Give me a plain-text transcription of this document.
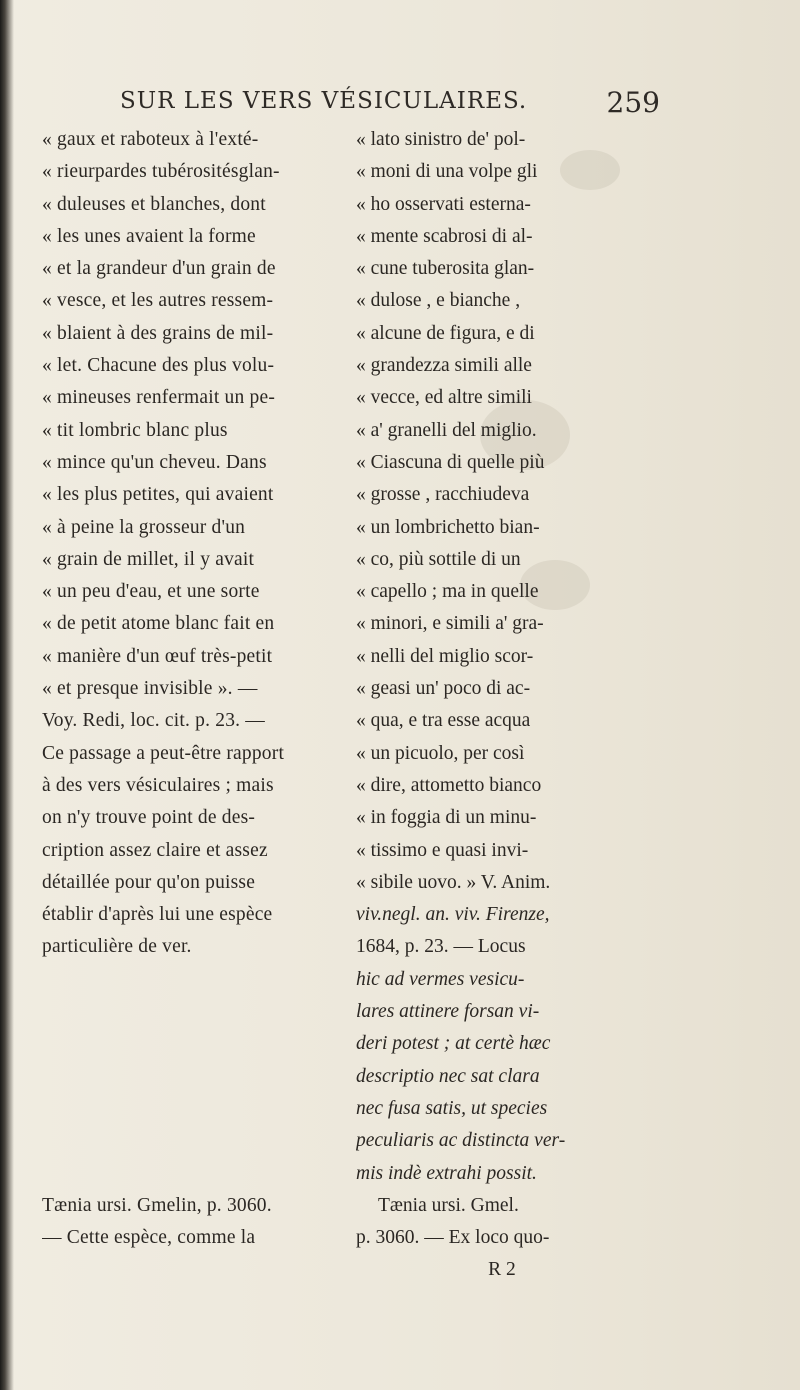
SUR LES VERS VÉSICULAIRES.	259
« gaux et raboteux à l'exté-
« rieurpardes tubérositésglan-
« duleuses et blanches, dont
« les unes avaient la forme
« et la grandeur d'un grain de
« vesce, et les autres ressem-
« blaient à des grains de mil-
« let. Chacune des plus volu-
« mineuses renfermait un pe-
« tit lombric blanc plus
« mince qu'un cheveu. Dans
« les plus petites, qui avaient
« à peine la grosseur d'un
« grain de millet, il y avait
« un peu d'eau, et une sorte
« de petit atome blanc fait en
« manière d'un œuf très-petit
« et presque invisible ». —
Voy. Redi, loc. cit. p. 23. —
Ce passage a peut-être rapport
à des vers vésiculaires ; mais
on n'y trouve point de des-
cription assez claire et assez
détaillée pour qu'on puisse
établir d'après lui une espèce
particulière de ver.
Tænia ursi. Gmelin, p. 3060.
— Cette espèce, comme la
« lato sinistro de' pol-
« moni di una volpe gli
« ho osservati esterna-
« mente scabrosi di al-
« cune tuberosita glan-
« dulose , e bianche ,
« alcune de figura, e di
« grandezza simili alle
« vecce, ed altre simili
« a' granelli del miglio.
« Ciascuna di quelle più
« grosse , racchiudeva
« un lombrichetto bian-
« co, più sottile di un
« capello ; ma in quelle
« minori, e simili a' gra-
« nelli del miglio scor-
« geasi un' poco di ac-
« qua, e tra esse acqua
« un picuolo, per così
« dire, attometto bianco
« in foggia di un minu-
« tissimo e quasi invi-
« sibile uovo. » V. Anim.
viv.negl. an. viv. Firenze,
1684, p. 23. — Locus
hic ad vermes vesicu-
lares attinere forsan vi-
deri potest ; at certè hæc
descriptio nec sat clara
nec fusa satis, ut species
peculiaris ac distincta ver-
mis indè extrahi possit.
Tænia ursi. Gmel.
p. 3060. — Ex loco quo-
R 2
